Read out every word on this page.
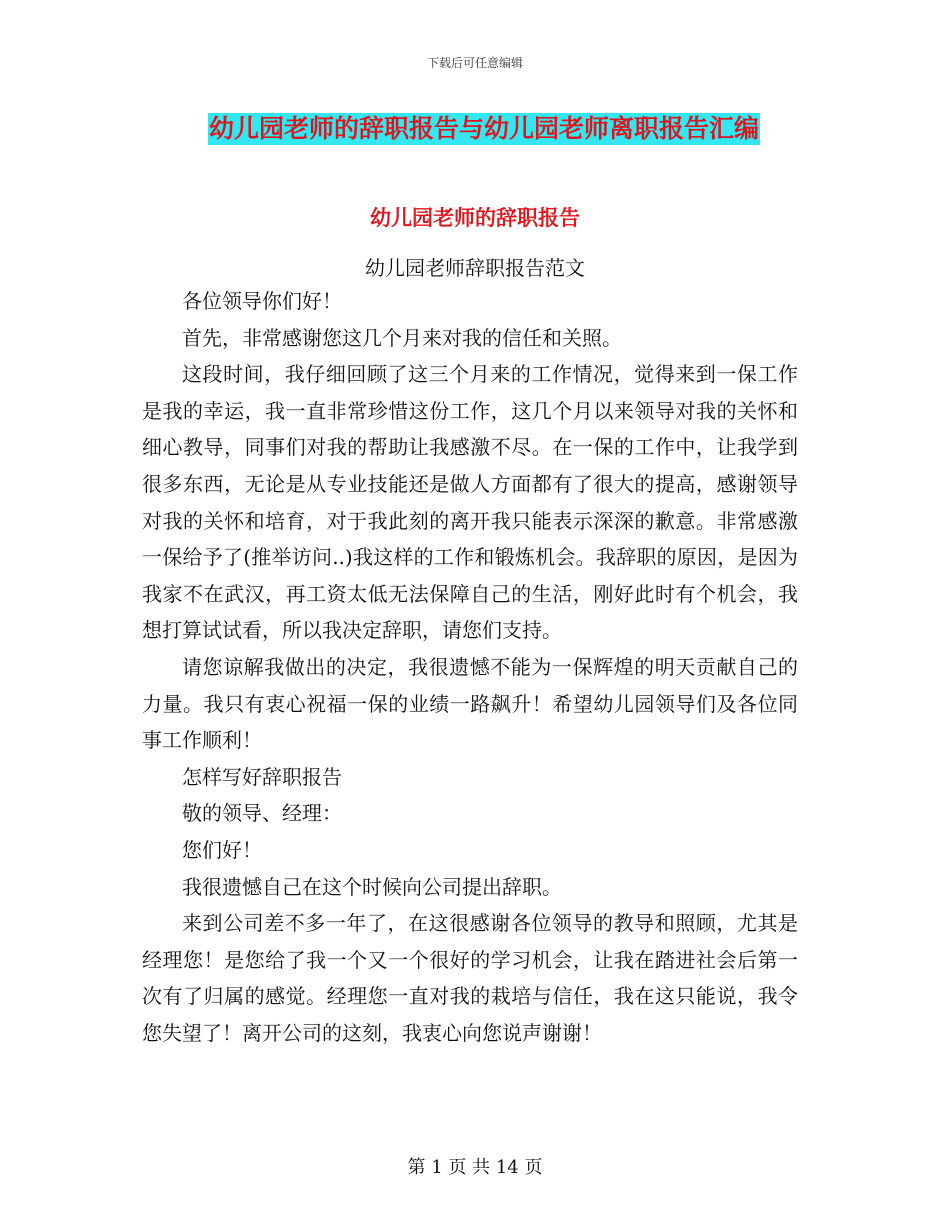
下载后可任意编辑
幼儿园老师的辞职报告与幼儿园老师离职报告汇编
幼儿园老师的辞职报告
幼儿园老师辞职报告范文

各位领导你们好！

首先，非常感谢您这几个月来对我的信任和关照。

这段时间，我仔细回顾了这三个月来的工作情况，觉得来到一保工作是我的幸运，我一直非常珍惜这份工作，这几个月以来领导对我的关怀和细心教导，同事们对我的帮助让我感激不尽。在一保的工作中，让我学到很多东西，无论是从专业技能还是做人方面都有了很大的提高，感谢领导对我的关怀和培育，对于我此刻的离开我只能表示深深的歉意。非常感激一保给予了(推举访问..)我这样的工作和锻炼机会。我辞职的原因，是因为我家不在武汉，再工资太低无法保障自己的生活，刚好此时有个机会，我想打算试试看，所以我决定辞职，请您们支持。

请您谅解我做出的决定，我很遗憾不能为一保辉煌的明天贡献自己的力量。我只有衷心祝福一保的业绩一路飙升！希望幼儿园领导们及各位同事工作顺利！

怎样写好辞职报告

敬的领导、经理：

您们好！

我很遗憾自己在这个时候向公司提出辞职。

来到公司差不多一年了，在这很感谢各位领导的教导和照顾，尤其是经理您！是您给了我一个又一个很好的学习机会，让我在踏进社会后第一次有了归属的感觉。经理您一直对我的栽培与信任，我在这只能说，我令您失望了！离开公司的这刻，我衷心向您说声谢谢！

第 1 页 共 14 页
